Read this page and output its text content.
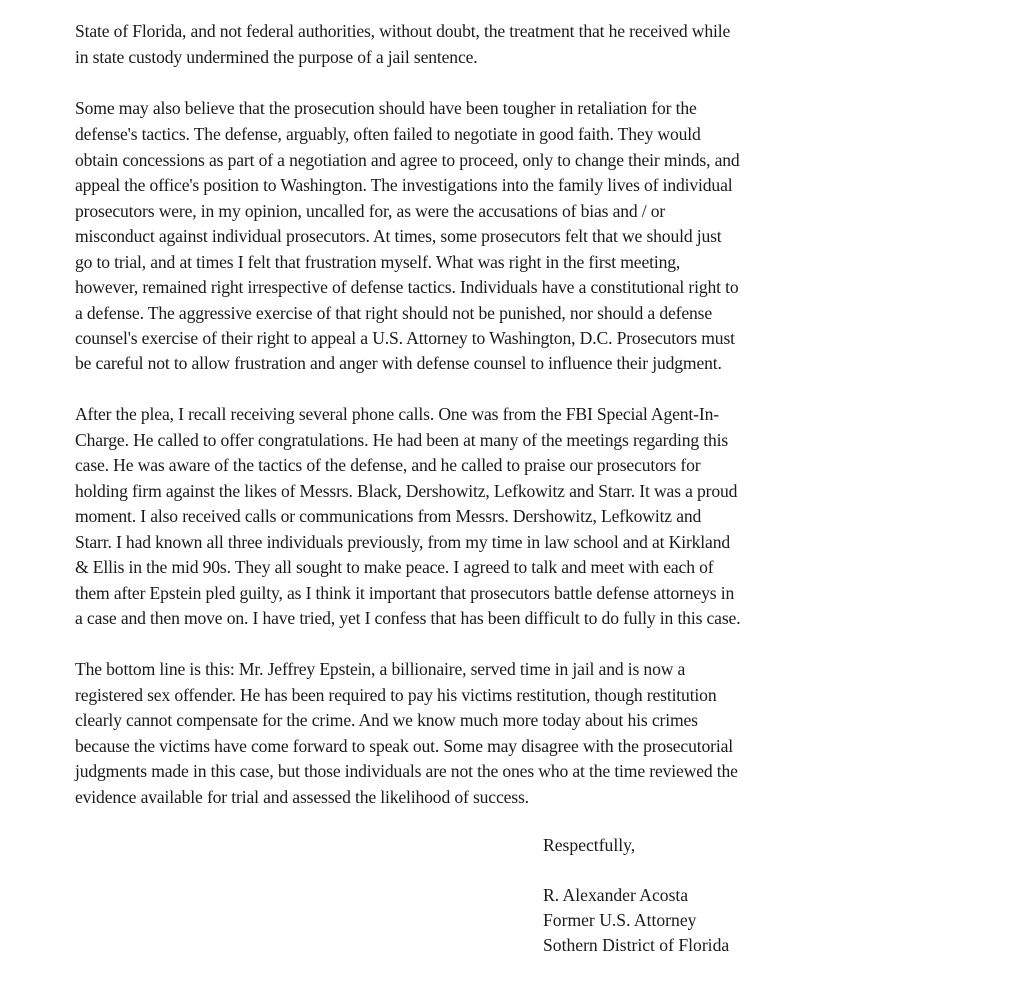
State of Florida, and not federal authorities, without doubt, the treatment that he received while
in state custody undermined the purpose of a jail sentence.
Some may also believe that the prosecution should have been tougher in retaliation for the
defense's tactics. The defense, arguably, often failed to negotiate in good faith. They would
obtain concessions as part of a negotiation and agree to proceed, only to change their minds, and
appeal the office's position to Washington. The investigations into the family lives of individual
prosecutors were, in my opinion, uncalled for, as were the accusations of bias and / or
misconduct against individual prosecutors. At times, some prosecutors felt that we should just
go to trial, and at times I felt that frustration myself. What was right in the first meeting,
however, remained right irrespective of defense tactics. Individuals have a constitutional right to
a defense. The aggressive exercise of that right should not be punished, nor should a defense
counsel's exercise of their right to appeal a U.S. Attorney to Washington, D.C. Prosecutors must
be careful not to allow frustration and anger with defense counsel to influence their judgment.
After the plea, I recall receiving several phone calls. One was from the FBI Special Agent-In-
Charge. He called to offer congratulations. He had been at many of the meetings regarding this
case. He was aware of the tactics of the defense, and he called to praise our prosecutors for
holding firm against the likes of Messrs. Black, Dershowitz, Lefkowitz and Starr. It was a proud
moment. I also received calls or communications from Messrs. Dershowitz, Lefkowitz and
Starr. I had known all three individuals previously, from my time in law school and at Kirkland
& Ellis in the mid 90s. They all sought to make peace. I agreed to talk and meet with each of
them after Epstein pled guilty, as I think it important that prosecutors battle defense attorneys in
a case and then move on. I have tried, yet I confess that has been difficult to do fully in this case.
The bottom line is this: Mr. Jeffrey Epstein, a billionaire, served time in jail and is now a
registered sex offender. He has been required to pay his victims restitution, though restitution
clearly cannot compensate for the crime. And we know much more today about his crimes
because the victims have come forward to speak out. Some may disagree with the prosecutorial
judgments made in this case, but those individuals are not the ones who at the time reviewed the
evidence available for trial and assessed the likelihood of success.
Respectfully,
R. Alexander Acosta
Former U.S. Attorney
Sothern District of Florida
